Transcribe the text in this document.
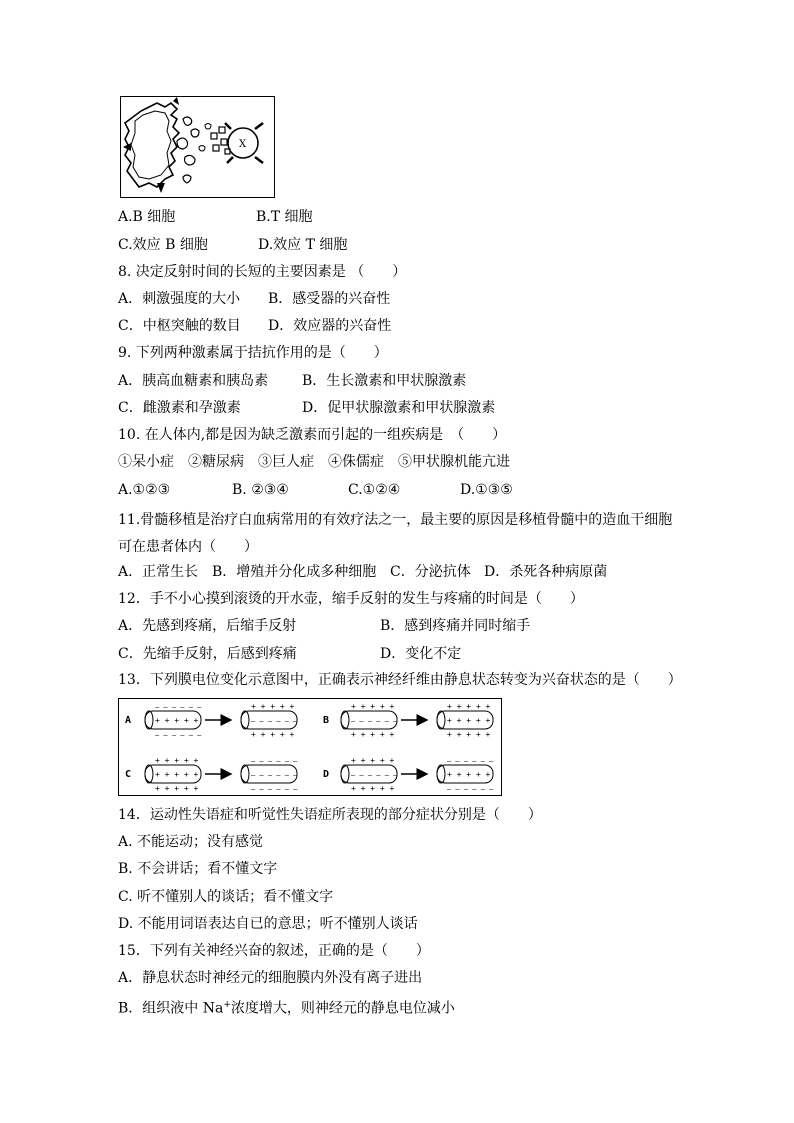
X
A.B 细胞	B.T 细胞
C.效应 B 细胞	D.效应 T 细胞
8. 决定反射时间的长短的主要因素是 （　　）
A．刺激强度的大小 B．感受器的兴奋性
C．中枢突触的数目 D．效应器的兴奋性
9. 下列两种激素属于拮抗作用的是（　　）
A．胰高血糖素和胰岛素 B．生长激素和甲状腺激素
C．雌激素和孕激素	D．促甲状腺激素和甲状腺激素
10. 在人体内,都是因为缺乏激素而引起的一组疾病是　（　　）
①呆小症　②糖尿病　③巨人症　④侏儒症　⑤甲状腺机能亢进
A.①②③	B. ②③④	C.①②④	D.①③⑤
11.骨髓移植是治疗白血病常用的有效疗法之一，最主要的原因是移植骨髓中的造血干细胞可在患者体内（　　）
A．正常生长 B．增殖并分化成多种细胞 C．分泌抗体 D．杀死各种病原菌
12．手不小心摸到滚烫的开水壶，缩手反射的发生与疼痛的时间是（　　）
A．先感到疼痛，后缩手反射	B．感到疼痛并同时缩手
C．先缩手反射，后感到疼痛	D．变化不定
13．下列膜电位变化示意图中，正确表示神经纤维由静息状态转变为兴奋状态的是（　　）
A	B
C	D
– – – – – –
+ + + + +
– – – – – –
+ + + + +
– – – – – –
+ + + + +
+ + + + +
– – – – – –
+ + + + +
+ + + + +
+ + + + +
+ + + + +
+ + + + +
+ + + + +
+ + + + +
– – – – – –
– – – – – –
– – – – – –
+ + + + +
– – – – – –
+ + + + +
– – – – – –
+ + + + +
– – – – – –
14．运动性失语症和听觉性失语症所表现的部分症状分别是（　　）
A. 不能运动；没有感觉
B. 不会讲话；看不懂文字
C. 听不懂别人的谈话；看不懂文字
D. 不能用词语表达自已的意思；听不懂别人谈话
15．下列有关神经兴奋的叙述，正确的是（　　）
A．静息状态时神经元的细胞膜内外没有离子进出
B．组织液中 Na+浓度增大，则神经元的静息电位减小
